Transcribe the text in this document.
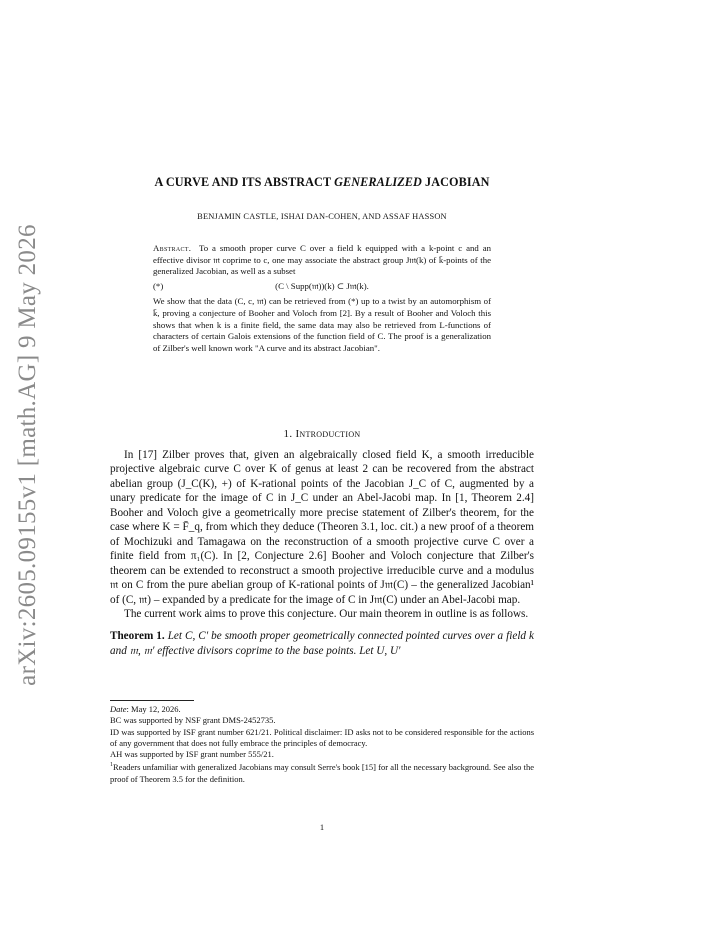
arXiv:2605.09155v1 [math.AG] 9 May 2026
A CURVE AND ITS ABSTRACT GENERALIZED JACOBIAN
BENJAMIN CASTLE, ISHAI DAN-COHEN, AND ASSAF HASSON

Abstract. To a smooth proper curve C over a field k equipped with a k-point c and an effective divisor 𝔪 coprime to c, one may associate the abstract group J𝔪(k) of k̄-points of the generalized Jacobian, as well as a subset

(*)	(C \ Supp(𝔪))(k) ⊂ J𝔪(k).

We show that the data (C, c, 𝔪) can be retrieved from (*) up to a twist by an automorphism of k̄, proving a conjecture of Booher and Voloch from [2]. By a result of Booher and Voloch this shows that when k is a finite field, the same data may also be retrieved from L-functions of characters of certain Galois extensions of the function field of C. The proof is a generalization of Zilber's well known work "A curve and its abstract Jacobian".

1. Introduction

In [17] Zilber proves that, given an algebraically closed field K, a smooth irreducible projective algebraic curve C over K of genus at least 2 can be recovered from the abstract abelian group (J_C(K), +) of K-rational points of the Jacobian J_C of C, augmented by a unary predicate for the image of C in J_C under an Abel-Jacobi map. In [1, Theorem 2.4] Booher and Voloch give a geometrically more precise statement of Zilber's theorem, for the case where K = F̄_q, from which they deduce (Theoren 3.1, loc. cit.) a new proof of a theorem of Mochizuki and Tamagawa on the reconstruction of a smooth projective curve C over a finite field from π₁(C). In [2, Conjecture 2.6] Booher and Voloch conjecture that Zilber's theorem can be extended to reconstruct a smooth projective irreducible curve and a modulus 𝔪 on C from the pure abelian group of K-rational points of J𝔪(C) – the generalized Jacobian¹ of (C, 𝔪) – expanded by a predicate for the image of C in J𝔪(C) under an Abel-Jacobi map.

The current work aims to prove this conjecture. Our main theorem in outline is as follows.

Theorem 1. Let C, C′ be smooth proper geometrically connected pointed curves over a field k and 𝔪, 𝔪′ effective divisors coprime to the base points. Let U, U′

Date: May 12, 2026.

BC was supported by NSF grant DMS-2452735.

ID was supported by ISF grant number 621/21. Political disclaimer: ID asks not to be considered responsible for the actions of any government that does not fully embrace the principles of democracy.

AH was supported by ISF grant number 555/21.

$^1$Readers unfamiliar with generalized Jacobians may consult Serre's book [15] for all the necessary background. See also the proof of Theorem 3.5 for the definition.

1
